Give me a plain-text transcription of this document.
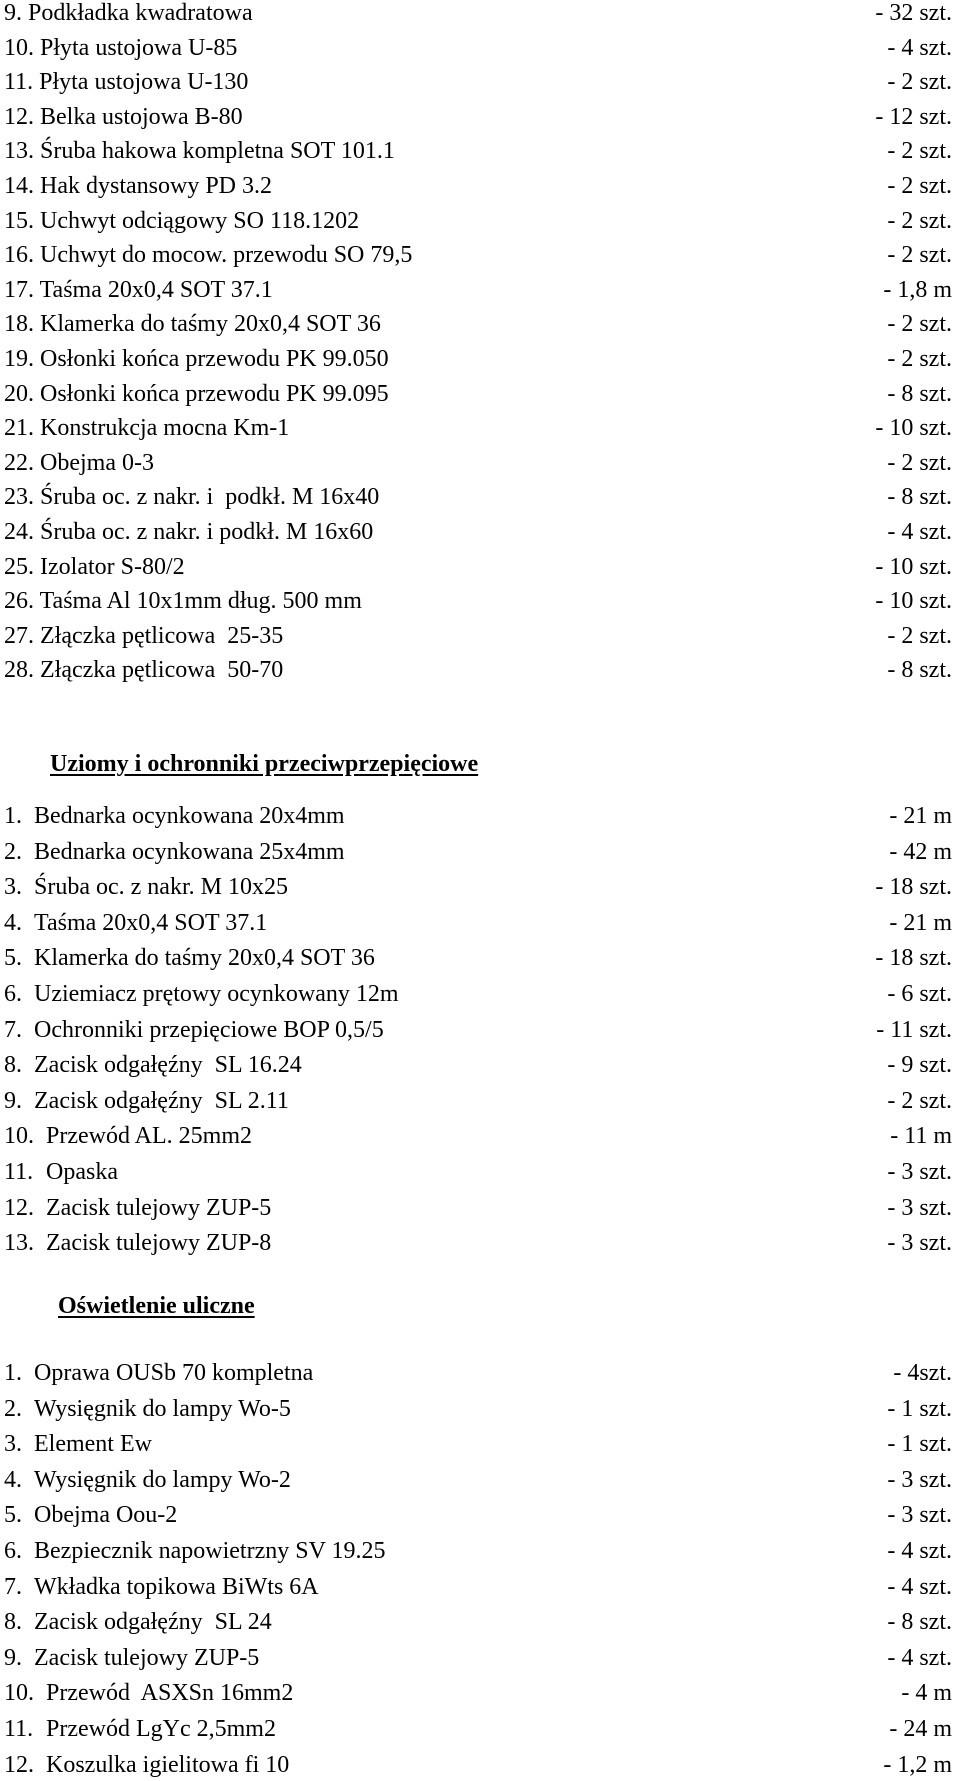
9. Podkładka kwadratowa	- 32 szt.
10. Płyta ustojowa U-85	- 4 szt.
11. Płyta ustojowa U-130	- 2 szt.
12. Belka ustojowa B-80	- 12 szt.
13. Śruba hakowa kompletna SOT 101.1	- 2 szt.
14. Hak dystansowy PD 3.2	- 2 szt.
15. Uchwyt odciągowy SO 118.1202	- 2 szt.
16. Uchwyt do mocow. przewodu SO 79,5	- 2 szt.
17. Taśma 20x0,4 SOT 37.1	- 1,8 m
18. Klamerka do taśmy 20x0,4 SOT 36	- 2 szt.
19. Osłonki końca przewodu PK 99.050	- 2 szt.
20. Osłonki końca przewodu PK 99.095	- 8 szt.
21. Konstrukcja mocna Km-1	- 10 szt.
22. Obejma 0-3	- 2 szt.
23. Śruba oc. z nakr. i  podkł. M 16x40	- 8 szt.
24. Śruba oc. z nakr. i podkł. M 16x60	- 4 szt.
25. Izolator S-80/2	- 10 szt.
26. Taśma Al 10x1mm dług. 500 mm	- 10 szt.
27. Złączka pętlicowa  25-35	- 2 szt.
28. Złączka pętlicowa  50-70	- 8 szt.
Uziomy i ochronniki przeciwprzepięciowe
1. Bednarka ocynkowana 20x4mm	- 21 m
2. Bednarka ocynkowana 25x4mm	- 42 m
3. Śruba oc. z nakr. M 10x25	- 18 szt.
4. Taśma 20x0,4 SOT 37.1	- 21 m
5. Klamerka do taśmy 20x0,4 SOT 36	- 18 szt.
6. Uziemiacz prętowy ocynkowany 12m	- 6 szt.
7. Ochronniki przepięciowe BOP 0,5/5	- 11 szt.
8. Zacisk odgałęźny  SL 16.24	- 9 szt.
9. Zacisk odgałęźny  SL 2.11	- 2 szt.
10. Przewód AL. 25mm2	- 11 m
11. Opaska	- 3 szt.
12. Zacisk tulejowy ZUP-5	- 3 szt.
13. Zacisk tulejowy ZUP-8	- 3 szt.
Oświetlenie uliczne
1. Oprawa OUSb 70 kompletna	- 4szt.
2. Wysięgnik do lampy Wo-5	- 1 szt.
3. Element Ew	- 1 szt.
4. Wysięgnik do lampy Wo-2	- 3 szt.
5. Obejma Oou-2	- 3 szt.
6. Bezpiecznik napowietrzny SV 19.25	- 4 szt.
7. Wkładka topikowa BiWts 6A	- 4 szt.
8. Zacisk odgałęźny  SL 24	- 8 szt.
9. Zacisk tulejowy ZUP-5	- 4 szt.
10. Przewód  ASXSn 16mm2	- 4 m
11. Przewód LgYc 2,5mm2	- 24 m
12. Koszulka igielitowa fi 10	- 1,2 m
